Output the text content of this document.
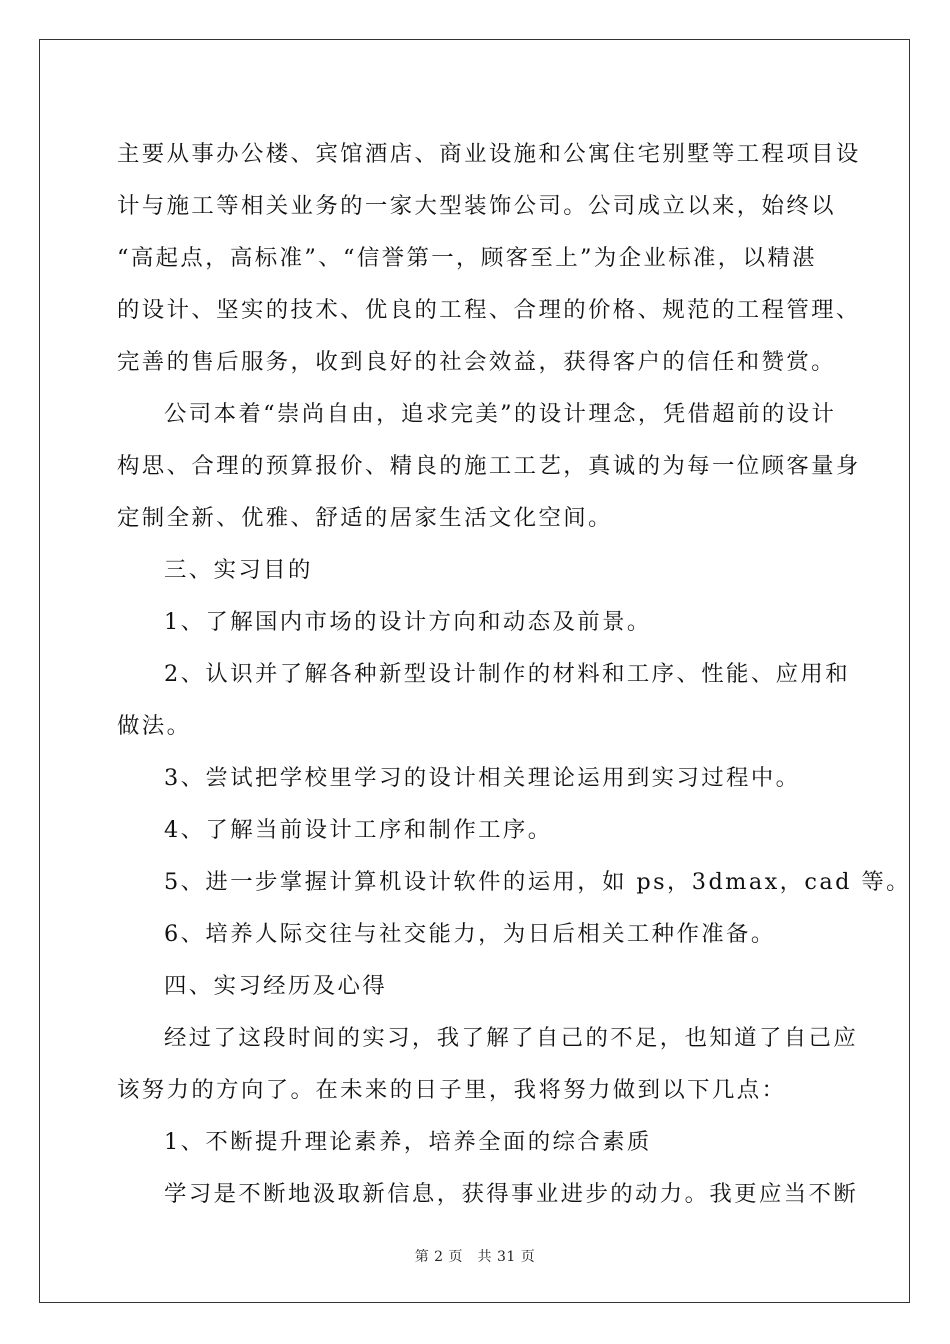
主要从事办公楼、宾馆酒店、商业设施和公寓住宅别墅等工程项目设
计与施工等相关业务的一家大型装饰公司。公司成立以来，始终以
“高起点，高标准”、“信誉第一，顾客至上”为企业标准，以精湛
的设计、坚实的技术、优良的工程、合理的价格、规范的工程管理、
完善的售后服务，收到良好的社会效益，获得客户的信任和赞赏。

公司本着“崇尚自由，追求完美”的设计理念，凭借超前的设计
构思、合理的预算报价、精良的施工工艺，真诚的为每一位顾客量身
定制全新、优雅、舒适的居家生活文化空间。

三、实习目的

1、了解国内市场的设计方向和动态及前景。

2、认识并了解各种新型设计制作的材料和工序、性能、应用和
做法。

3、尝试把学校里学习的设计相关理论运用到实习过程中。

4、了解当前设计工序和制作工序。

5、进一步掌握计算机设计软件的运用，如 ps，3dmax，cad 等。

6、培养人际交往与社交能力，为日后相关工种作准备。

四、实习经历及心得

经过了这段时间的实习，我了解了自己的不足，也知道了自己应
该努力的方向了。在未来的日子里，我将努力做到以下几点：

1、不断提升理论素养，培养全面的综合素质

学习是不断地汲取新信息，获得事业进步的动力。我更应当不断

第 2 页　共 31 页
